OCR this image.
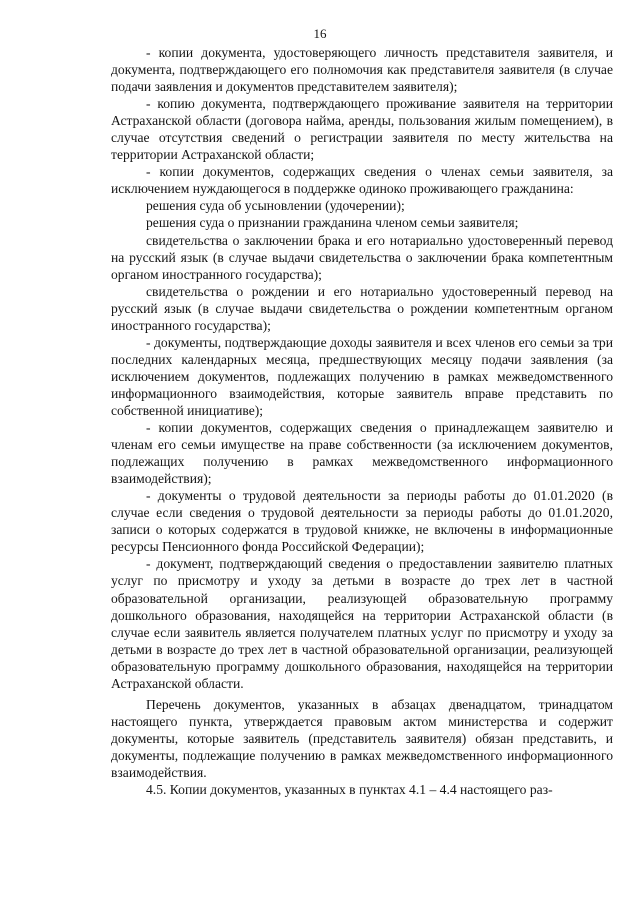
16

- копии документа, удостоверяющего личность представителя заявителя, и документа, подтверждающего его полномочия как представителя заявителя (в случае подачи заявления и документов представителем заявителя);

- копию документа, подтверждающего проживание заявителя на территории Астраханской области (договора найма, аренды, пользования жилым помещением), в случае отсутствия сведений о регистрации заявителя по месту жительства на территории Астраханской области;

- копии документов, содержащих сведения о членах семьи заявителя, за исключением нуждающегося в поддержке одиноко проживающего гражданина:

решения суда об усыновлении (удочерении);

решения суда о признании гражданина членом семьи заявителя;

свидетельства о заключении брака и его нотариально удостоверенный перевод на русский язык (в случае выдачи свидетельства о заключении брака компетентным органом иностранного государства);

свидетельства о рождении и его нотариально удостоверенный перевод на русский язык (в случае выдачи свидетельства о рождении компетентным органом иностранного государства);

- документы, подтверждающие доходы заявителя и всех членов его семьи за три последних календарных месяца, предшествующих месяцу подачи заявления (за исключением документов, подлежащих получению в рамках межведомственного информационного взаимодействия, которые заявитель вправе представить по собственной инициативе);

- копии документов, содержащих сведения о принадлежащем заявителю и членам его семьи имуществе на праве собственности (за исключением документов, подлежащих получению в рамках межведомственного информационного взаимодействия);

- документы о трудовой деятельности за периоды работы до 01.01.2020 (в случае если сведения о трудовой деятельности за периоды работы до 01.01.2020, записи о которых содержатся в трудовой книжке, не включены в информационные ресурсы Пенсионного фонда Российской Федерации);

- документ, подтверждающий сведения о предоставлении заявителю платных услуг по присмотру и уходу за детьми в возрасте до трех лет в частной образовательной организации, реализующей образовательную программу дошкольного образования, находящейся на территории Астраханской области (в случае если заявитель является получателем платных услуг по присмотру и уходу за детьми в возрасте до трех лет в частной образовательной организации, реализующей образовательную программу дошкольного образования, находящейся на территории Астраханской области.

Перечень документов, указанных в абзацах двенадцатом, тринадцатом настоящего пункта, утверждается правовым актом министерства и содержит документы, которые заявитель (представитель заявителя) обязан представить, и документы, подлежащие получению в рамках межведомственного информационного взаимодействия.

4.5. Копии документов, указанных в пунктах 4.1 – 4.4 настоящего раз-
